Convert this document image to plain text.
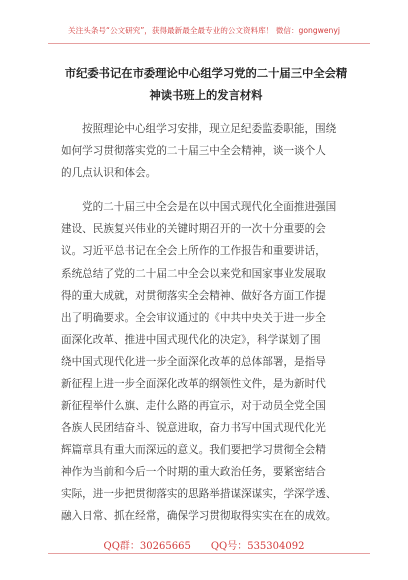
关注头条号“公文研究”，获得最新最全最专业的公文资料库！ 微信：gongwenyj
市纪委书记在市委理论中心组学习党的二十届三中全会精
神读书班上的发言材料
按照理论中心组学习安排，现立足纪委监委职能，围绕
如何学习贯彻落实党的二十届三中全会精神，谈一谈个人
的几点认识和体会。
党的二十届三中全会是在以中国式现代化全面推进强国
建设、民族复兴伟业的关键时期召开的一次十分重要的会
议。习近平总书记在全会上所作的工作报告和重要讲话，
系统总结了党的二十届二中全会以来党和国家事业发展取
得的重大成就，对贯彻落实全会精神、做好各方面工作提
出了明确要求。全会审议通过的《中共中央关于进一步全
面深化改革、推进中国式现代化的决定》，科学谋划了围
绕中国式现代化进一步全面深化改革的总体部署，是指导
新征程上进一步全面深化改革的纲领性文件，是为新时代
新征程举什么旗、走什么路的再宣示，对于动员全党全国
各族人民团结奋斗、锐意进取，奋力书写中国式现代化光
辉篇章具有重大而深远的意义。我们要把学习贯彻全会精
神作为当前和今后一个时期的重大政治任务，要紧密结合
实际，进一步把贯彻落实的思路举措谋深谋实，学深学透、
融入日常、抓在经常，确保学习贯彻取得实实在在的成效。
QQ群：30265665 QQ号：535304092
